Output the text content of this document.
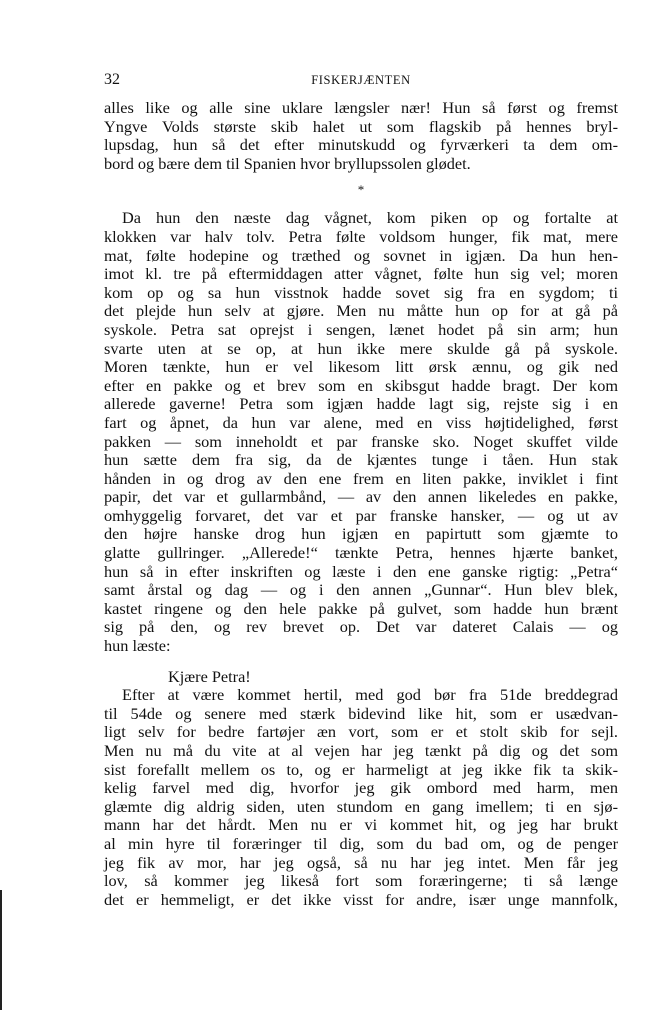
32	FISKERJÆNTEN
alles like og alle sine uklare længsler nær! Hun så først og fremst
Yngve Volds største skib halet ut som flagskib på hennes bryl-
lupsdag, hun så det efter minutskudd og fyrværkeri ta dem om-
bord og bære dem til Spanien hvor bryllupssolen glødet.
*
Da hun den næste dag vågnet, kom piken op og fortalte at
klokken var halv tolv. Petra følte voldsom hunger, fik mat, mere
mat, følte hodepine og træthed og sovnet in igjæn. Da hun hen-
imot kl. tre på eftermiddagen atter vågnet, følte hun sig vel; moren
kom op og sa hun visstnok hadde sovet sig fra en sygdom; ti
det plejde hun selv at gjøre. Men nu måtte hun op for at gå på
syskole. Petra sat oprejst i sengen, lænet hodet på sin arm; hun
svarte uten at se op, at hun ikke mere skulde gå på syskole.
Moren tænkte, hun er vel likesom litt ørsk ænnu, og gik ned
efter en pakke og et brev som en skibsgut hadde bragt. Der kom
allerede gaverne! Petra som igjæn hadde lagt sig, rejste sig i en
fart og åpnet, da hun var alene, med en viss højtidelighed, først
pakken — som inneholdt et par franske sko. Noget skuffet vilde
hun sætte dem fra sig, da de kjæntes tunge i tåen. Hun stak
hånden in og drog av den ene frem en liten pakke, inviklet i fint
papir, det var et gullarmbånd, — av den annen likeledes en pakke,
omhyggelig forvaret, det var et par franske hansker, — og ut av
den højre hanske drog hun igjæn en papirtutt som gjæmte to
glatte gullringer. „Allerede!“ tænkte Petra, hennes hjærte banket,
hun så in efter inskriften og læste i den ene ganske rigtig: „Petra“
samt årstal og dag — og i den annen „Gunnar“. Hun blev blek,
kastet ringene og den hele pakke på gulvet, som hadde hun brænt
sig på den, og rev brevet op. Det var dateret Calais — og
hun læste:
Kjære Petra!
Efter at være kommet hertil, med god bør fra 51de breddegrad
til 54de og senere med stærk bidevind like hit, som er usædvan-
ligt selv for bedre fartøjer æn vort, som er et stolt skib for sejl.
Men nu må du vite at al vejen har jeg tænkt på dig og det som
sist forefallt mellem os to, og er harmeligt at jeg ikke fik ta skik-
kelig farvel med dig, hvorfor jeg gik ombord med harm, men
glæmte dig aldrig siden, uten stundom en gang imellem; ti en sjø-
mann har det hårdt. Men nu er vi kommet hit, og jeg har brukt
al min hyre til foræringer til dig, som du bad om, og de penger
jeg fik av mor, har jeg også, så nu har jeg intet. Men får jeg
lov, så kommer jeg likeså fort som foræringerne; ti så længe
det er hemmeligt, er det ikke visst for andre, især unge mannfolk,
